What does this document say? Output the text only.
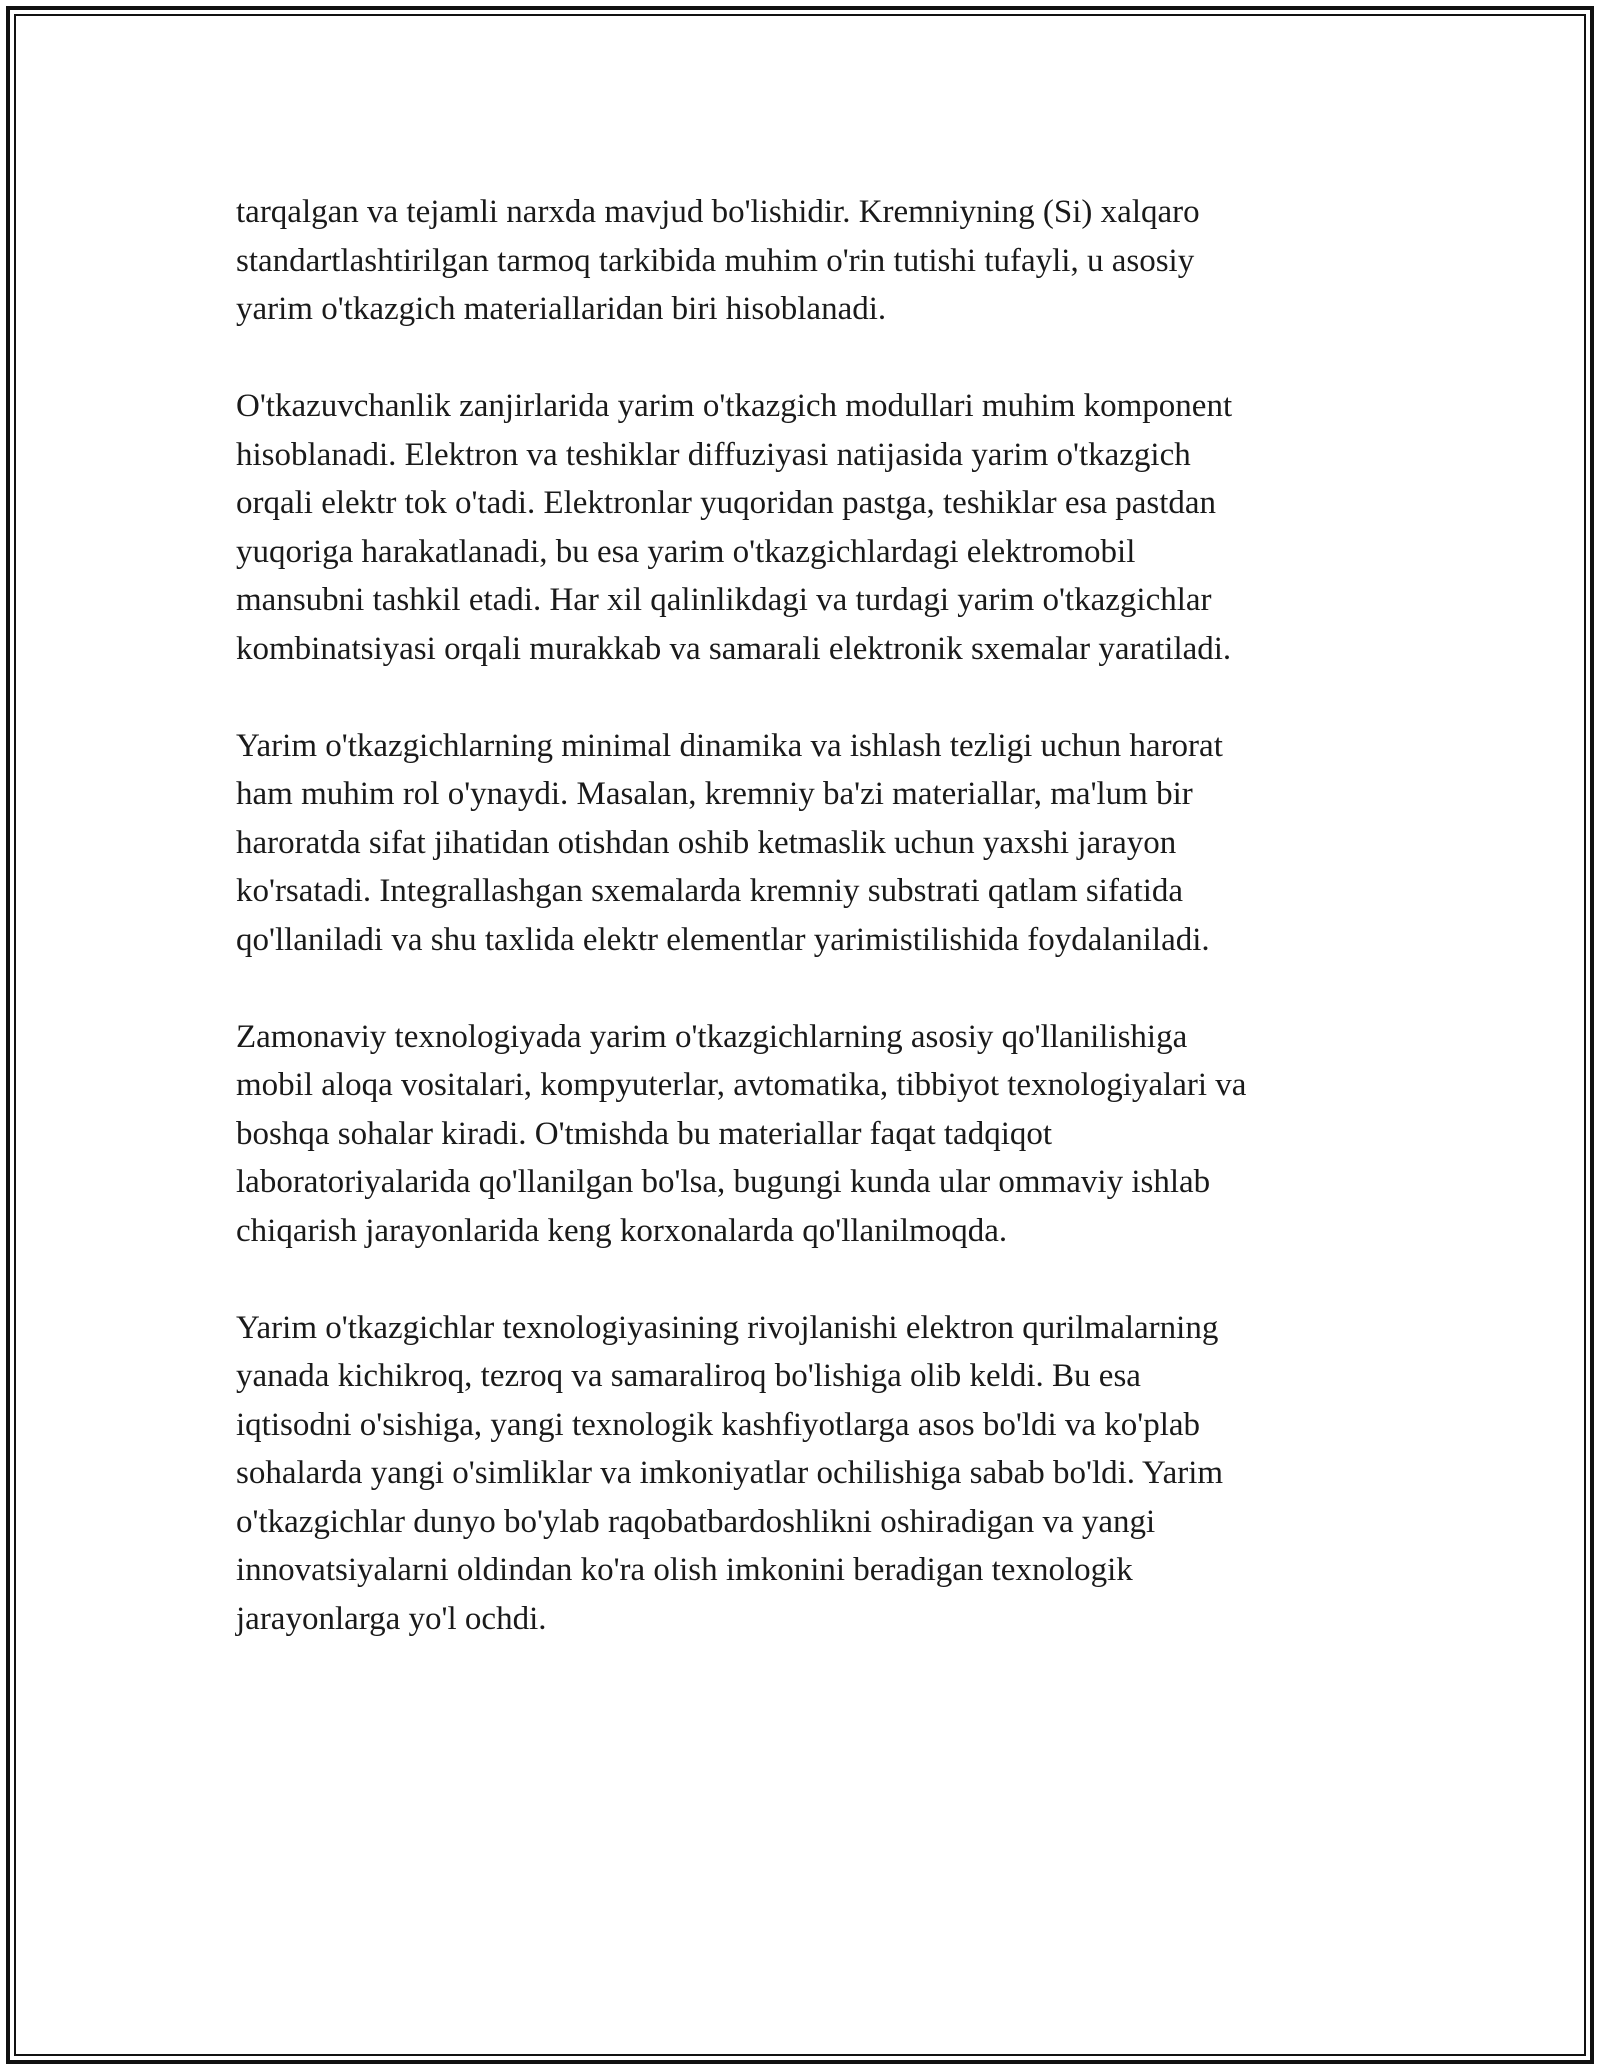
tarqalgan va tejamli narxda mavjud bo'lishidir. Kremniyning (Si) xalqaro
standartlashtirilgan tarmoq tarkibida muhim o'rin tutishi tufayli, u asosiy
yarim o'tkazgich materiallaridan biri hisoblanadi.

O'tkazuvchanlik zanjirlarida yarim o'tkazgich modullari muhim komponent
hisoblanadi. Elektron va teshiklar diffuziyasi natijasida yarim o'tkazgich
orqali elektr tok o'tadi. Elektronlar yuqoridan pastga, teshiklar esa pastdan
yuqoriga harakatlanadi, bu esa yarim o'tkazgichlardagi elektromobil
mansubni tashkil etadi. Har xil qalinlikdagi va turdagi yarim o'tkazgichlar
kombinatsiyasi orqali murakkab va samarali elektronik sxemalar yaratiladi.

Yarim o'tkazgichlarning minimal dinamika va ishlash tezligi uchun harorat
ham muhim rol o'ynaydi. Masalan, kremniy ba'zi materiallar, ma'lum bir
haroratda sifat jihatidan otishdan oshib ketmaslik uchun yaxshi jarayon
ko'rsatadi. Integrallashgan sxemalarda kremniy substrati qatlam sifatida
qo'llaniladi va shu taxlida elektr elementlar yarimistilishida foydalaniladi.

Zamonaviy texnologiyada yarim o'tkazgichlarning asosiy qo'llanilishiga
mobil aloqa vositalari, kompyuterlar, avtomatika, tibbiyot texnologiyalari va
boshqa sohalar kiradi. O'tmishda bu materiallar faqat tadqiqot
laboratoriyalarida qo'llanilgan bo'lsa, bugungi kunda ular ommaviy ishlab
chiqarish jarayonlarida keng korxonalarda qo'llanilmoqda.

Yarim o'tkazgichlar texnologiyasining rivojlanishi elektron qurilmalarning
yanada kichikroq, tezroq va samaraliroq bo'lishiga olib keldi. Bu esa
iqtisodni o'sishiga, yangi texnologik kashfiyotlarga asos bo'ldi va ko'plab
sohalarda yangi o'simliklar va imkoniyatlar ochilishiga sabab bo'ldi. Yarim
o'tkazgichlar dunyo bo'ylab raqobatbardoshlikni oshiradigan va yangi
innovatsiyalarni oldindan ko'ra olish imkonini beradigan texnologik
jarayonlarga yo'l ochdi.
